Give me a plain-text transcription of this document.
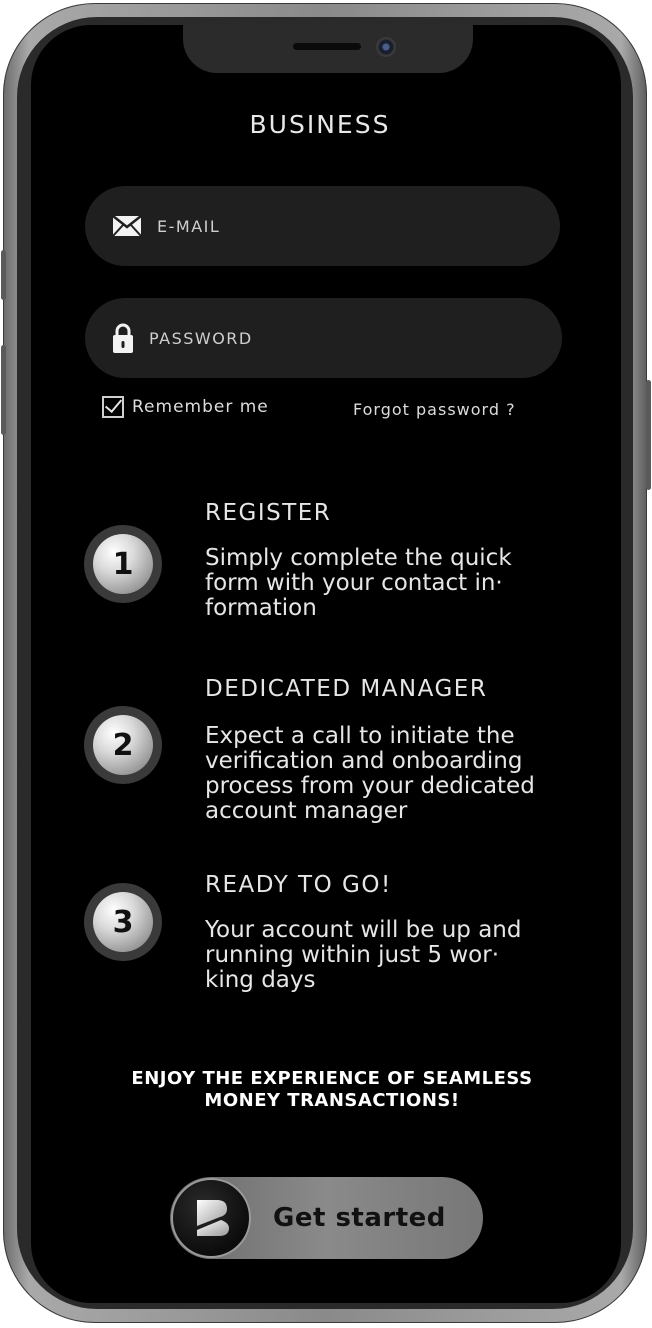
BUSINESS
E-MAIL
Remember me	Forgot password ?
1
REGISTER
Simply complete the quick
form with your contact in·
formation
2
DEDICATED MANAGER
Expect a call to initiate the
verification and onboarding
process from your dedicated
account manager
3
READY TO GO!
Your account will be up and
running within just 5 wor·
king days
ENJOY THE EXPERIENCE OF SEAMLESS
MONEY TRANSACTIONS!
Get started
